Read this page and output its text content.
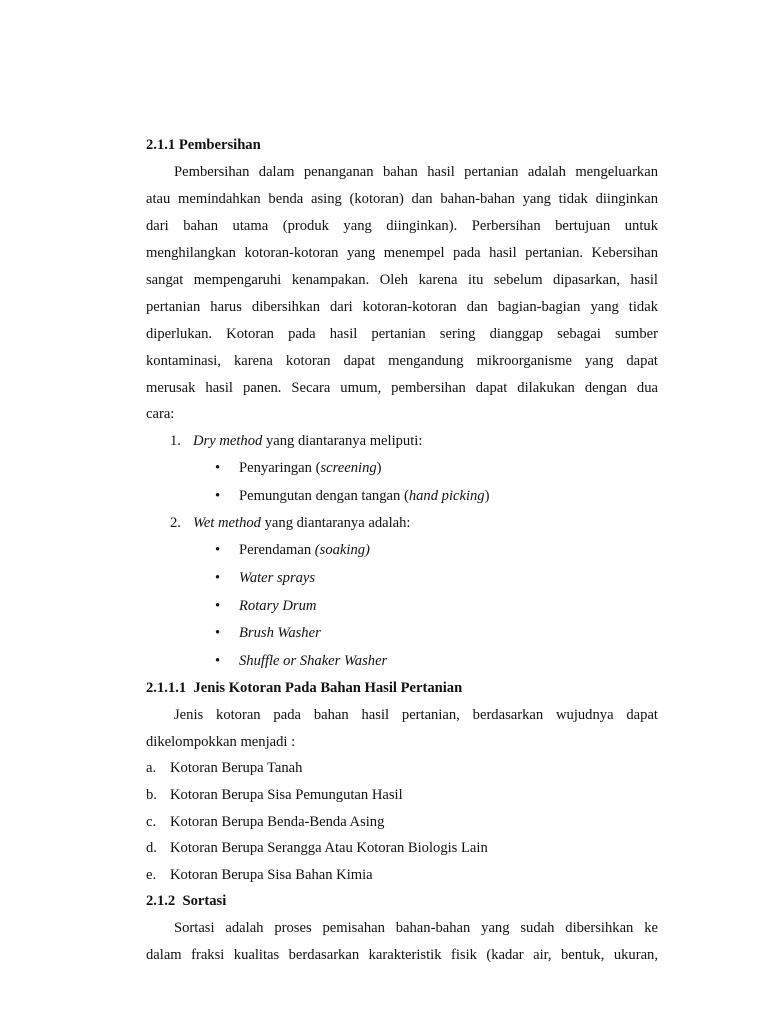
2.1.1 Pembersihan
Pembersihan dalam penanganan bahan hasil pertanian adalah mengeluarkan
atau memindahkan benda asing (kotoran) dan bahan-bahan yang tidak diinginkan
dari bahan utama (produk yang diinginkan). Perbersihan bertujuan untuk
menghilangkan kotoran-kotoran yang menempel pada hasil pertanian. Kebersihan
sangat mempengaruhi kenampakan. Oleh karena itu sebelum dipasarkan, hasil
pertanian harus dibersihkan dari kotoran-kotoran dan bagian-bagian yang tidak
diperlukan. Kotoran pada hasil pertanian sering dianggap sebagai sumber
kontaminasi, karena kotoran dapat mengandung mikroorganisme yang dapat
merusak hasil panen. Secara umum, pembersihan dapat dilakukan dengan dua
cara:
1. Dry method yang diantaranya meliputi:
• Penyaringan (screening)
• Pemungutan dengan tangan (hand picking)
2. Wet method yang diantaranya adalah:
• Perendaman (soaking)
• Water sprays
• Rotary Drum
• Brush Washer
• Shuffle or Shaker Washer
2.1.1.1  Jenis Kotoran Pada Bahan Hasil Pertanian
Jenis kotoran pada bahan hasil pertanian, berdasarkan wujudnya dapat
dikelompokkan menjadi :
a. Kotoran Berupa Tanah
b. Kotoran Berupa Sisa Pemungutan Hasil
c. Kotoran Berupa Benda-Benda Asing
d. Kotoran Berupa Serangga Atau Kotoran Biologis Lain
e. Kotoran Berupa Sisa Bahan Kimia
2.1.2  Sortasi
Sortasi adalah proses pemisahan bahan-bahan yang sudah dibersihkan ke
dalam fraksi kualitas berdasarkan karakteristik fisik (kadar air, bentuk, ukuran,
